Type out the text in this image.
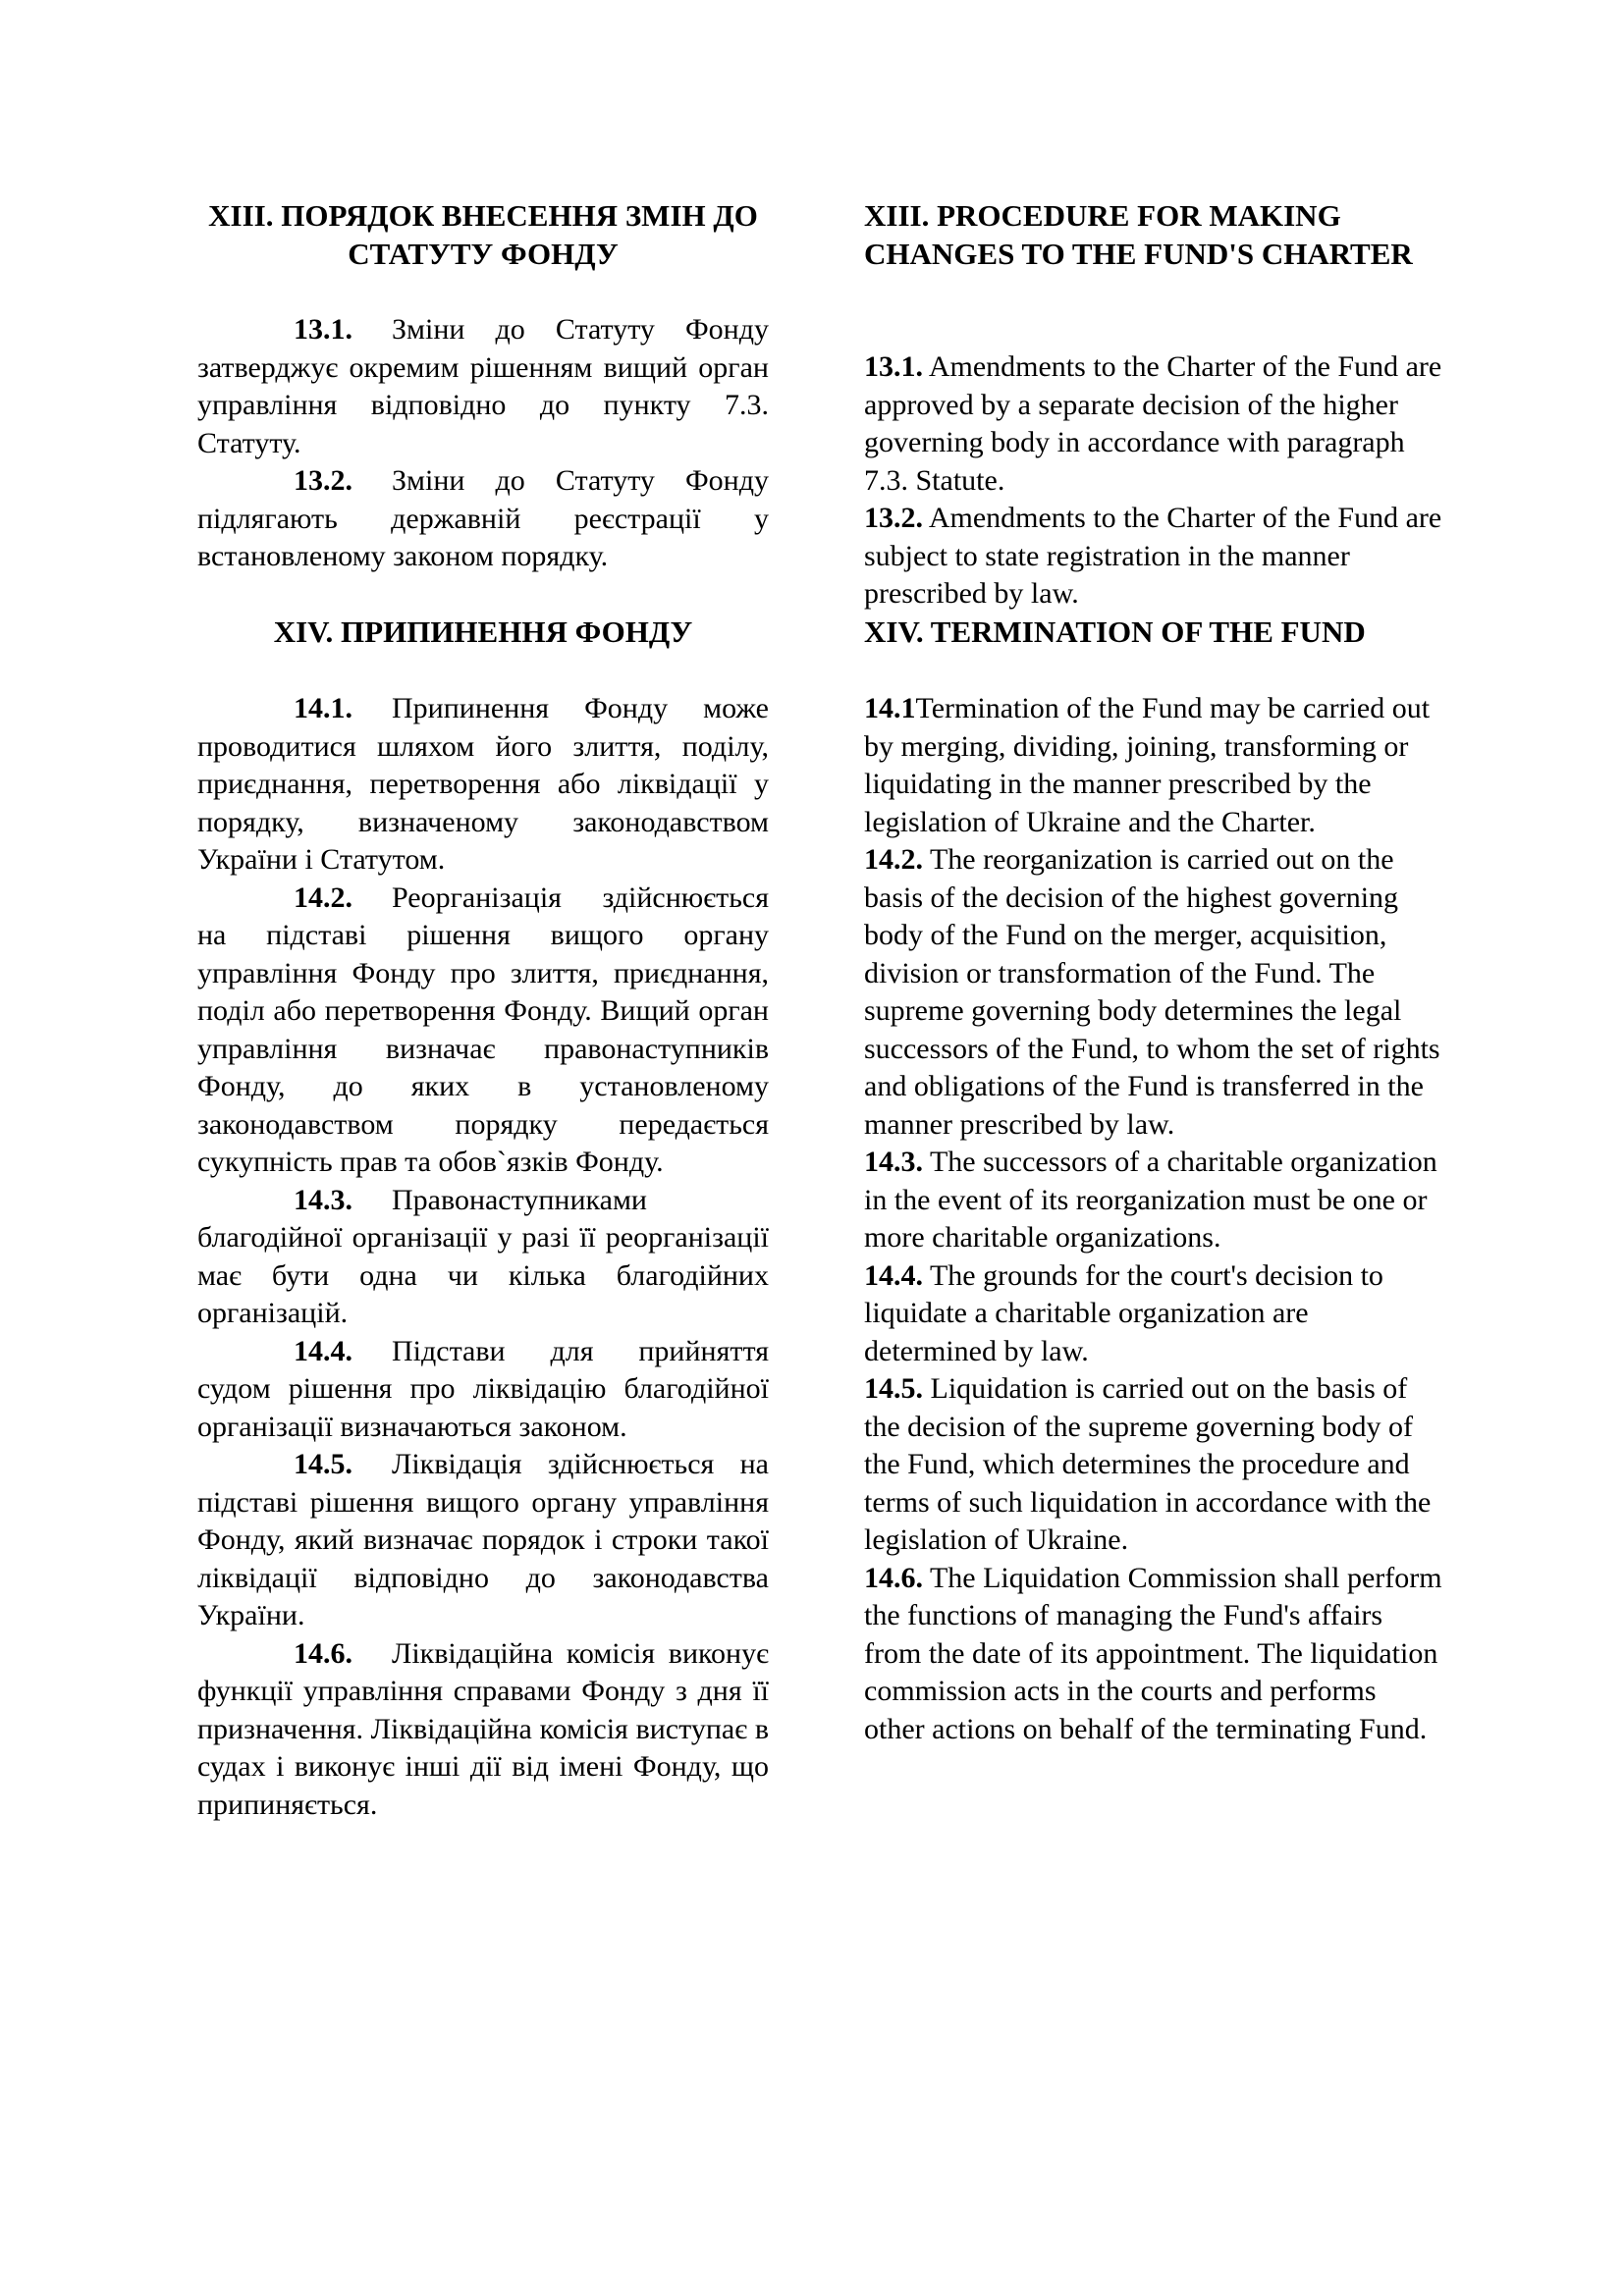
XIII. ПОРЯДОК ВНЕСЕННЯ ЗМІН ДО СТАТУТУ ФОНДУ

13.1. Зміни до Статуту Фонду затверджує окремим рішенням вищий орган управління відповідно до пункту 7.3. Статуту.

13.2. Зміни до Статуту Фонду підлягають державній реєстрації у встановленому законом порядку.

XIV. ПРИПИНЕННЯ ФОНДУ

14.1. Припинення Фонду може проводитися шляхом його злиття, поділу, приєднання, перетворення або ліквідації у порядку, визначеному законодавством України і Статутом.

14.2. Реорганізація здійснюється на підставі рішення вищого органу управління Фонду про злиття, приєднання, поділ або перетворення Фонду. Вищий орган управління визначає правонаступників Фонду, до яких в установленому законодавством порядку передається сукупність прав та обов`язків Фонду.

14.3. Правонаступниками благодійної організації у разі її реорганізації має бути одна чи кілька благодійних організацій.

14.4. Підстави для прийняття судом рішення про ліквідацію благодійної організації визначаються законом.

14.5. Ліквідація здійснюється на підставі рішення вищого органу управління Фонду, який визначає порядок і строки такої ліквідації відповідно до законодавства України.

14.6. Ліквідаційна комісія виконує функції управління справами Фонду з дня її призначення. Ліквідаційна комісія виступає в судах і виконує інші дії від імені Фонду, що припиняється.

XIII. PROCEDURE FOR MAKING CHANGES TO THE FUND'S CHARTER

13.1. Amendments to the Charter of the Fund are approved by a separate decision of the higher governing body in accordance with paragraph 7.3. Statute.

13.2. Amendments to the Charter of the Fund are subject to state registration in the manner prescribed by law.

XIV. TERMINATION OF THE FUND

14.1Termination of the Fund may be carried out by merging, dividing, joining, transforming or liquidating in the manner prescribed by the legislation of Ukraine and the Charter.

14.2. The reorganization is carried out on the basis of the decision of the highest governing body of the Fund on the merger, acquisition, division or transformation of the Fund. The supreme governing body determines the legal successors of the Fund, to whom the set of rights and obligations of the Fund is transferred in the manner prescribed by law.

14.3. The successors of a charitable organization in the event of its reorganization must be one or more charitable organizations.

14.4. The grounds for the court's decision to liquidate a charitable organization are determined by law.

14.5. Liquidation is carried out on the basis of the decision of the supreme governing body of the Fund, which determines the procedure and terms of such liquidation in accordance with the legislation of Ukraine.

14.6. The Liquidation Commission shall perform the functions of managing the Fund's affairs from the date of its appointment. The liquidation commission acts in the courts and performs other actions on behalf of the terminating Fund.
